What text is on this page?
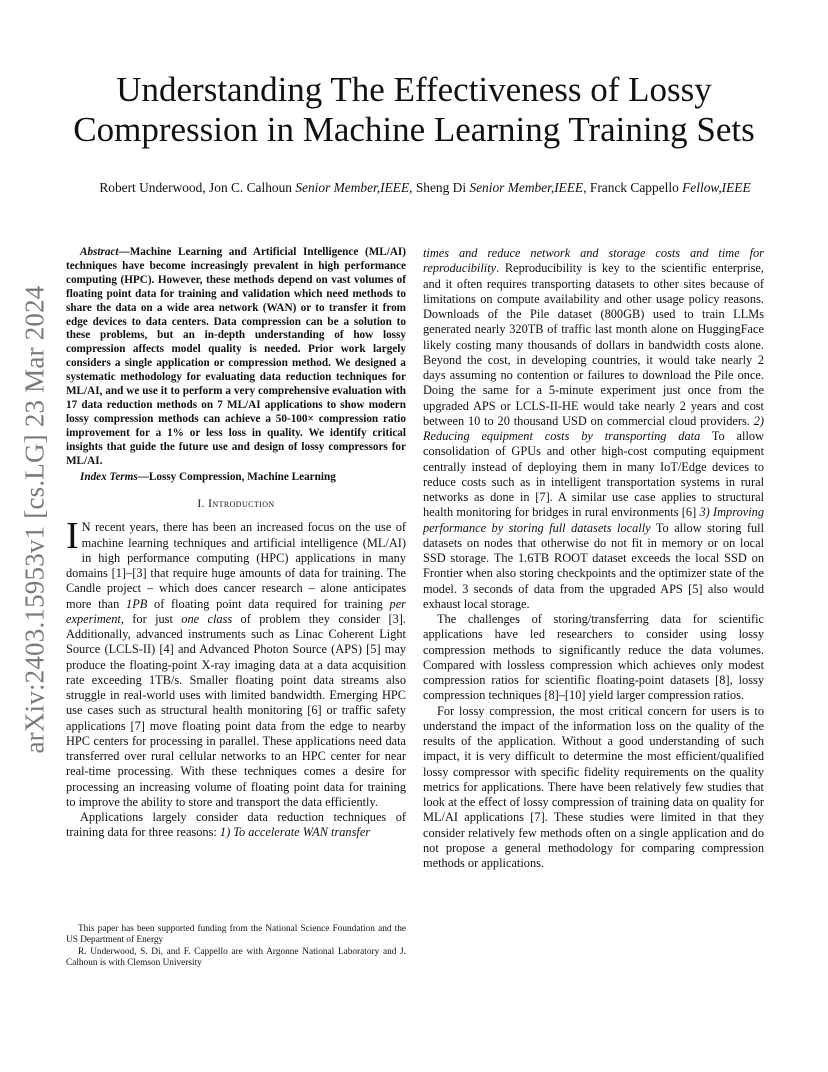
arXiv:2403.15953v1 [cs.LG] 23 Mar 2024
Understanding The Effectiveness of Lossy Compression in Machine Learning Training Sets
Robert Underwood, Jon C. Calhoun Senior Member,IEEE, Sheng Di Senior Member,IEEE, Franck Cappello Fellow,IEEE

Abstract—Machine Learning and Artificial Intelligence (ML/AI) techniques have become increasingly prevalent in high performance computing (HPC). However, these methods depend on vast volumes of floating point data for training and validation which need methods to share the data on a wide area network (WAN) or to transfer it from edge devices to data centers. Data compression can be a solution to these problems, but an in-depth understanding of how lossy compression affects model quality is needed. Prior work largely considers a single application or compression method. We designed a systematic methodology for evaluating data reduction techniques for ML/AI, and we use it to perform a very comprehensive evaluation with 17 data reduction methods on 7 ML/AI applications to show modern lossy compression methods can achieve a 50-100× compression ratio improvement for a 1% or less loss in quality. We identify critical insights that guide the future use and design of lossy compressors for ML/AI.

Index Terms—Lossy Compression, Machine Learning

I. Introduction

I N recent years, there has been an increased focus on the use of machine learning techniques and artificial intelligence (ML/AI) in high performance computing (HPC) applications in many domains [1]–[3] that require huge amounts of data for training. The Candle project – which does cancer research – alone anticipates more than 1PB of floating point data required for training per experiment, for just one class of problem they consider [3]. Additionally, advanced instruments such as Linac Coherent Light Source (LCLS-II) [4] and Advanced Photon Source (APS) [5] may produce the floating-point X-ray imaging data at a data acquisition rate exceeding 1TB/s. Smaller floating point data streams also struggle in real-world uses with limited bandwidth. Emerging HPC use cases such as structural health monitoring [6] or traffic safety applications [7] move floating point data from the edge to nearby HPC centers for processing in parallel. These applications need data transferred over rural cellular networks to an HPC center for near real-time processing. With these techniques comes a desire for processing an increasing volume of floating point data for training to improve the ability to store and transport the data efficiently.

Applications largely consider data reduction techniques of training data for three reasons: 1) To accelerate WAN transfer

This paper has been supported funding from the National Science Foundation and the US Department of Energy

R. Underwood, S. Di, and F. Cappello are with Argonne National Laboratory and J. Calhoun is with Clemson University

times and reduce network and storage costs and time for reproducibility. Reproducibility is key to the scientific enterprise, and it often requires transporting datasets to other sites because of limitations on compute availability and other usage policy reasons. Downloads of the Pile dataset (800GB) used to train LLMs generated nearly 320TB of traffic last month alone on HuggingFace likely costing many thousands of dollars in bandwidth costs alone. Beyond the cost, in developing countries, it would take nearly 2 days assuming no contention or failures to download the Pile once. Doing the same for a 5-minute experiment just once from the upgraded APS or LCLS-II-HE would take nearly 2 years and cost between 10 to 20 thousand USD on commercial cloud providers. 2) Reducing equipment costs by transporting data To allow consolidation of GPUs and other high-cost computing equipment centrally instead of deploying them in many IoT/Edge devices to reduce costs such as in intelligent transportation systems in rural networks as done in [7]. A similar use case applies to structural health monitoring for bridges in rural environments [6] 3) Improving performance by storing full datasets locally To allow storing full datasets on nodes that otherwise do not fit in memory or on local SSD storage. The 1.6TB ROOT dataset exceeds the local SSD on Frontier when also storing checkpoints and the optimizer state of the model. 3 seconds of data from the upgraded APS [5] also would exhaust local storage.

The challenges of storing/transferring data for scientific applications have led researchers to consider using lossy compression methods to significantly reduce the data volumes. Compared with lossless compression which achieves only modest compression ratios for scientific floating-point datasets [8], lossy compression techniques [8]–[10] yield larger compression ratios.

For lossy compression, the most critical concern for users is to understand the impact of the information loss on the quality of the results of the application. Without a good understanding of such impact, it is very difficult to determine the most efficient/qualified lossy compressor with specific fidelity requirements on the quality metrics for applications. There have been relatively few studies that look at the effect of lossy compression of training data on quality for ML/AI applications [7]. These studies were limited in that they consider relatively few methods often on a single application and do not propose a general methodology for comparing compression methods or applications.
